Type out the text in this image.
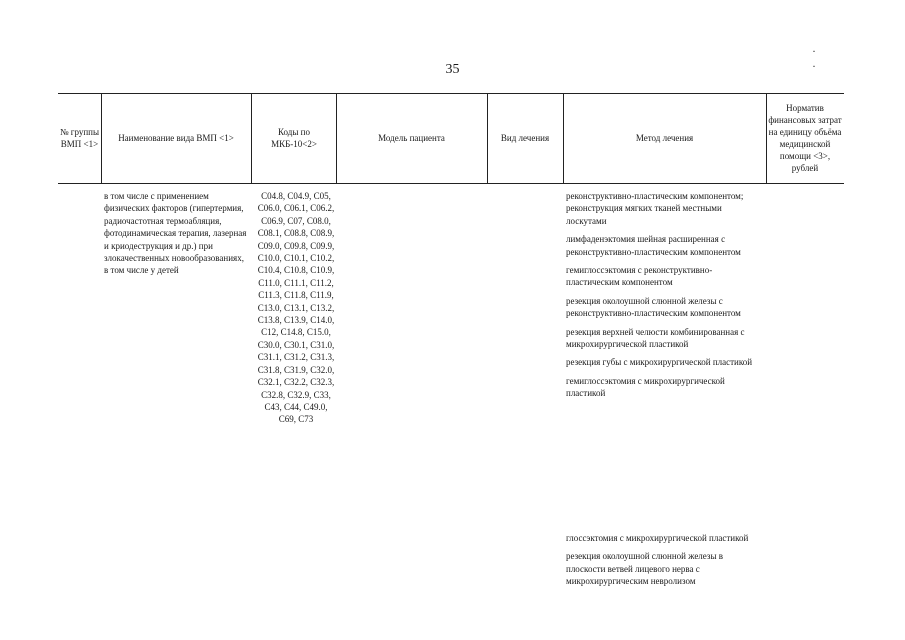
· ·
35
№ группы ВМП <1>
Наименование вида ВМП <1>
Коды по МКБ-10<2>
Модель пациента	Вид лечения	Метод лечения
Норматив финансовых затрат на единицу объёма медицинской помощи <3>, рублей
в том числе с применением физических факторов (гипертермия, радиочастотная термоабляция, фотодинамическая терапия, лазерная и криодеструкция и др.) при злокачественных новообразованиях, в том числе у детей
C04.8, C04.9, C05, C06.0, C06.1, C06.2, C06.9, C07, C08.0, C08.1, C08.8, C08.9, C09.0, C09.8, C09.9, C10.0, C10.1, C10.2, C10.4, C10.8, C10.9, C11.0, C11.1, C11.2, C11.3, C11.8, C11.9, C13.0, C13.1, C13.2, C13.8, C13.9, C14.0, C12, C14.8, C15.0, C30.0, C30.1, C31.0, C31.1, C31.2, C31.3, C31.8, C31.9, C32.0, C32.1, C32.2, C32.3, C32.8, C32.9, C33, C43, C44, C49.0, C69, C73
реконструктивно-пластическим компонентом; реконструкция мягких тканей местными лоскутами
лимфаденэктомия шейная расширенная с реконструктивно-пластическим компонентом
гемиглоссэктомия с реконструктивно-пластическим компонентом
резекция околоушной слюнной железы с реконструктивно-пластическим компонентом
резекция верхней челюсти комбинированная с микрохирургической пластикой
резекция губы с микрохирургической пластикой
гемиглоссэктомия с микрохирургической пластикой
глоссэктомия с микрохирургической пластикой
резекция околоушной слюнной железы в плоскости ветвей лицевого нерва с микрохирургическим невролизом
